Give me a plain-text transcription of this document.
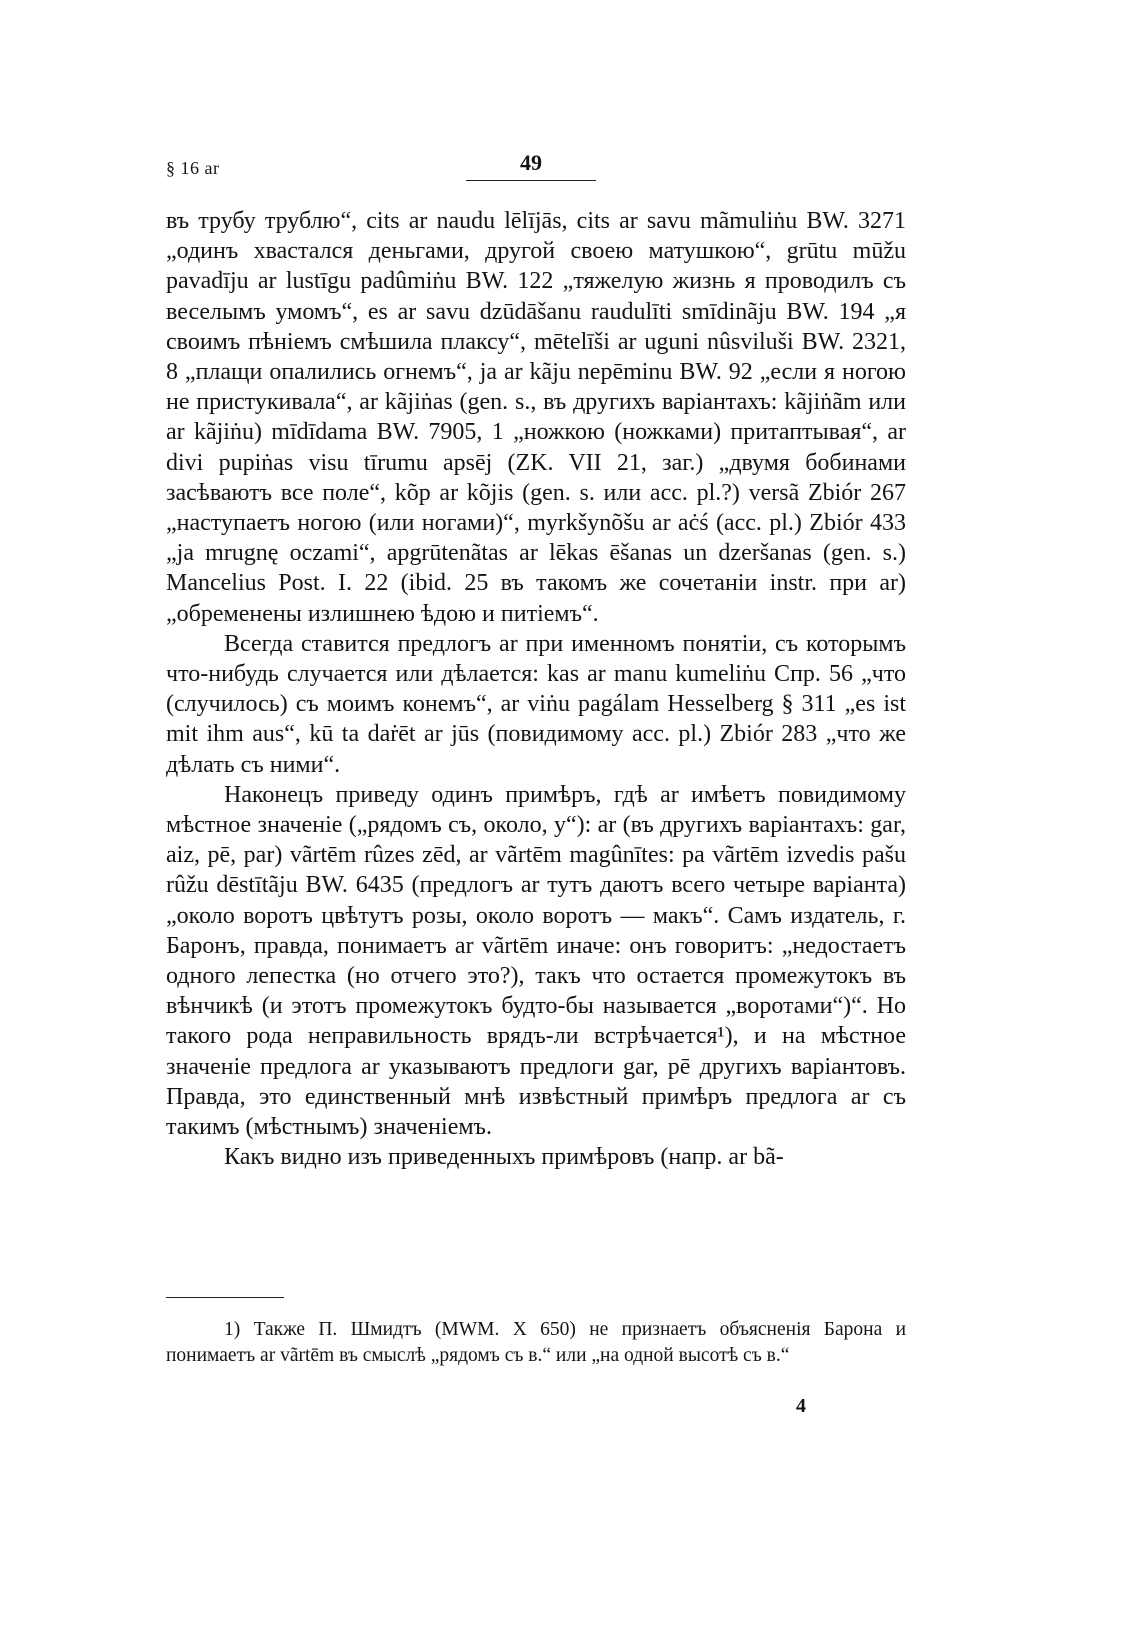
§ 16 ar	49

въ трубу трублю“, cits ar naudu lēlījās, cits ar savu mãmuliṅu BW. 3271 „одинъ хвастался деньгами, другой своею матушкою“, grūtu mūžu pavadīju ar lustīgu padûmiṅu BW. 122 „тяжелую жизнь я проводилъ съ веселымъ умомъ“, es ar savu dzūdāšanu raudulīti smīdinãju BW. 194 „я своимъ пѣніемъ смѣшила плаксу“, mētelīši ar uguni nûsviluši BW. 2321, 8 „плащи опалились огнемъ“, ja ar kãju nepēminu BW. 92 „если я ногою не пристукивала“, ar kãjiṅas (gen. s., въ другихъ варіантахъ: kãjiṅãm или ar kãjiṅu) mīdīdama BW. 7905, 1 „ножкою (ножками) притаптывая“, ar divi pupiṅas visu tīrumu apsēj (ZK. VII 21, заг.) „двумя бобинами засѣваютъ все поле“, kõp ar kõjis (gen. s. или acc. pl.?) versã Zbiór 267 „наступаетъ ногою (или ногами)“, myrkšynõšu ar aċś (acc. pl.) Zbiór 433 „ja mrugnę oczami“, apgrūtenãtas ar lēkas ēšanas un dzeršanas (gen. s.) Mancelius Post. I. 22 (ibid. 25 въ такомъ же сочетаніи instr. при ar) „обременены излишнею ѣдою и питіемъ“.

Всегда ставится предлогъ ar при именномъ понятіи, съ которымъ что-нибудь случается или дѣлается: kas ar manu kumeliṅu Спр. 56 „что (случилось) съ моимъ конемъ“, ar viṅu pagálam Hesselberg § 311 „es ist mit ihm aus“, kū ta daṙēt ar jūs (повидимому acc. pl.) Zbiór 283 „что же дѣлать съ ними“.

Наконецъ приведу одинъ примѣръ, гдѣ ar имѣетъ повидимому мѣстное значеніе („рядомъ съ, около, у“): ar (въ другихъ варіантахъ: gar, aiz, pē, par) vãrtēm rûzes zēd, ar vãrtēm magûnītes: pa vãrtēm izvedis pašu rûžu dēstītãju BW. 6435 (предлогъ ar тутъ даютъ всего четыре варіанта) „около воротъ цвѣтутъ розы, около воротъ — макъ“. Самъ издатель, г. Баронъ, правда, понимаетъ ar vãrtēm иначе: онъ говоритъ: „недостаетъ одного лепестка (но отчего это?), такъ что остается промежутокъ въ вѣнчикѣ (и этотъ промежутокъ будто-бы называется „воротами“)“. Но такого рода неправильность врядъ-ли встрѣчается¹), и на мѣстное значеніе предлога ar указываютъ предлоги gar, pē другихъ варіантовъ. Правда, это единственный мнѣ извѣстный примѣръ предлога ar съ такимъ (мѣстнымъ) значеніемъ.

Какъ видно изъ приведенныхъ примѣровъ (напр. ar bã-

1) Также П. Шмидтъ (MWM. X 650) не признаетъ объясненія Барона и понимаетъ ar vãrtēm въ смыслѣ „рядомъ съ в.“ или „на одной высотѣ съ в.“

4
